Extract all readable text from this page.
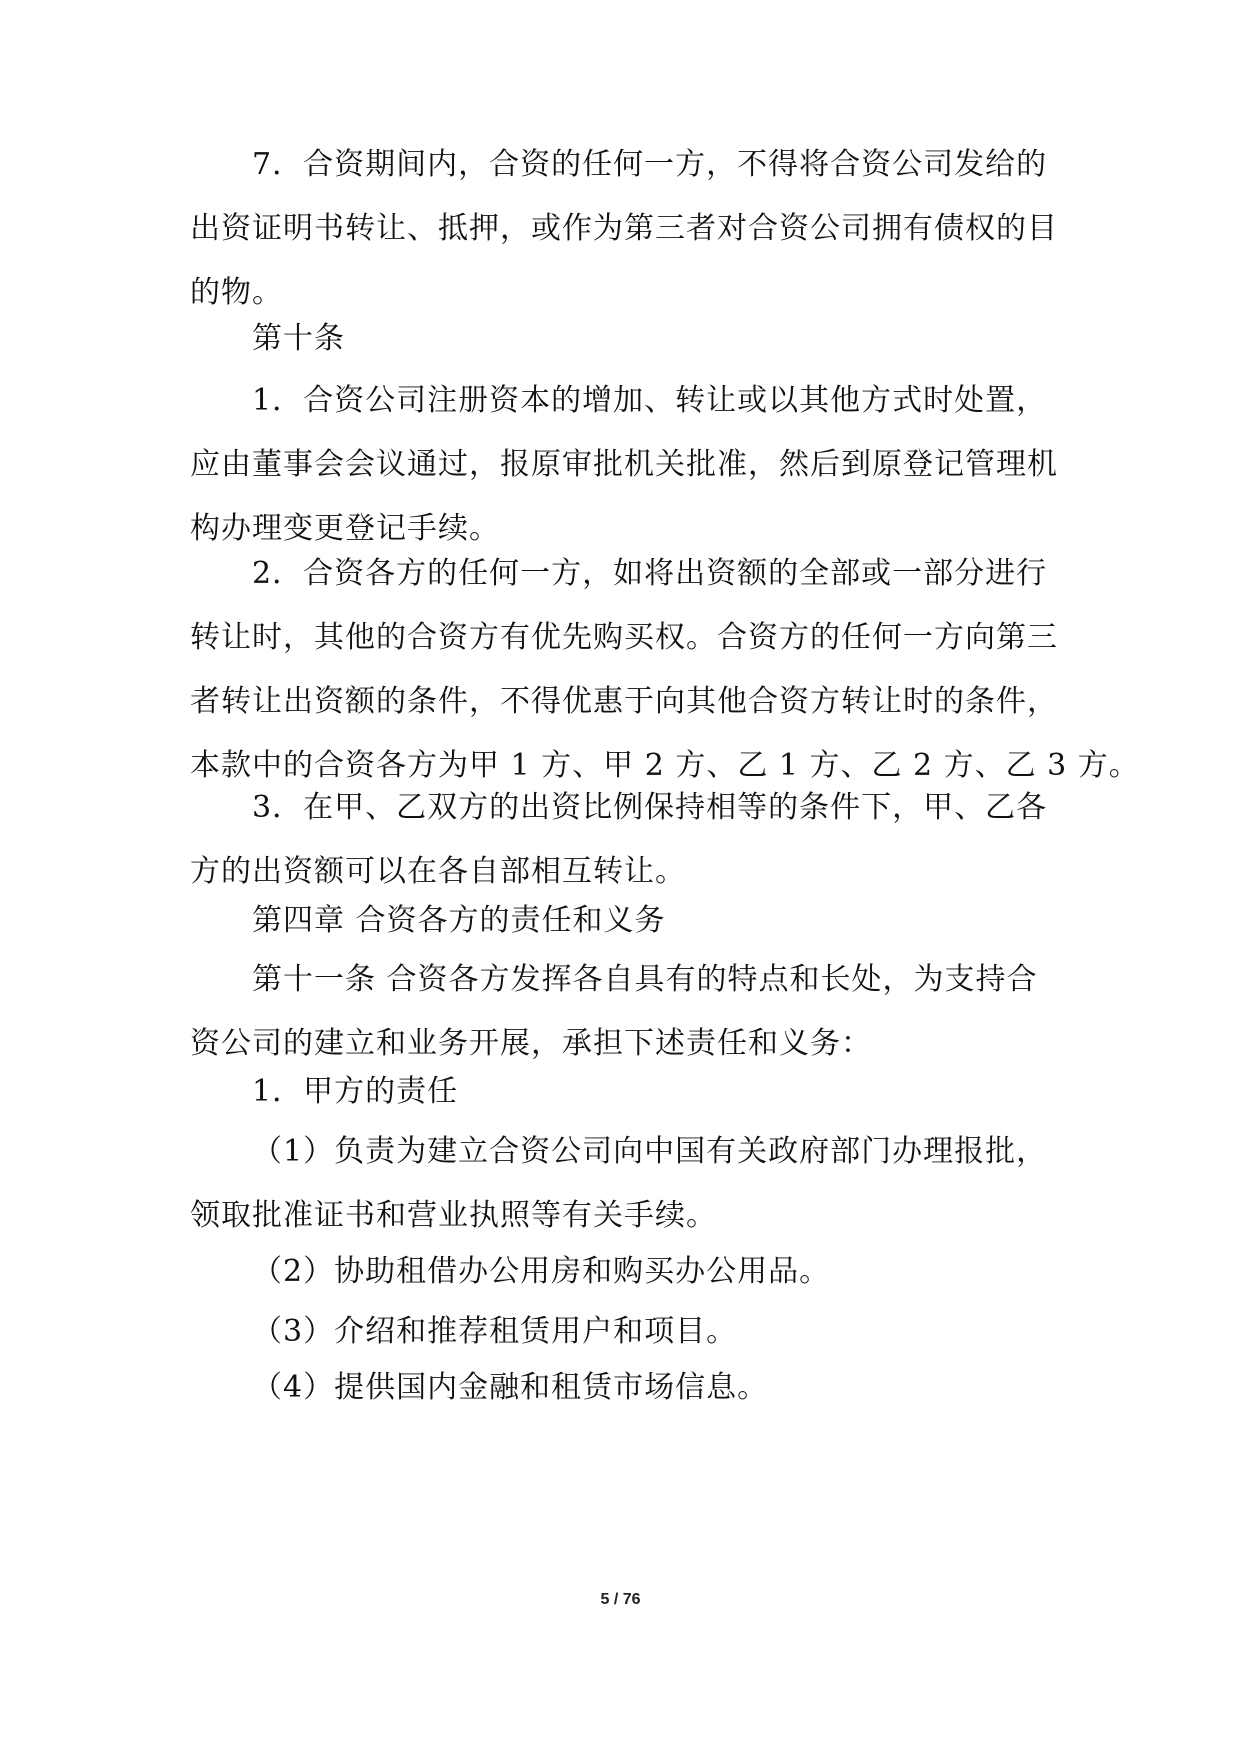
7．合资期间内，合资的任何一方，不得将合资公司发给的
出资证明书转让、抵押，或作为第三者对合资公司拥有债权的目
的物。
第十条
1．合资公司注册资本的增加、转让或以其他方式时处置，
应由董事会会议通过，报原审批机关批准，然后到原登记管理机
构办理变更登记手续。
2．合资各方的任何一方，如将出资额的全部或一部分进行
转让时，其他的合资方有优先购买权。合资方的任何一方向第三
者转让出资额的条件，不得优惠于向其他合资方转让时的条件，
本款中的合资各方为甲 1 方、甲 2 方、乙 1 方、乙 2 方、乙 3 方。
3．在甲、乙双方的出资比例保持相等的条件下，甲、乙各
方的出资额可以在各自部相互转让。
第四章 合资各方的责任和义务
第十一条 合资各方发挥各自具有的特点和长处，为支持合
资公司的建立和业务开展，承担下述责任和义务：
1．甲方的责任
（1）负责为建立合资公司向中国有关政府部门办理报批，
领取批准证书和营业执照等有关手续。
（2）协助租借办公用房和购买办公用品。
（3）介绍和推荐租赁用户和项目。
（4）提供国内金融和租赁市场信息。
5 / 76
